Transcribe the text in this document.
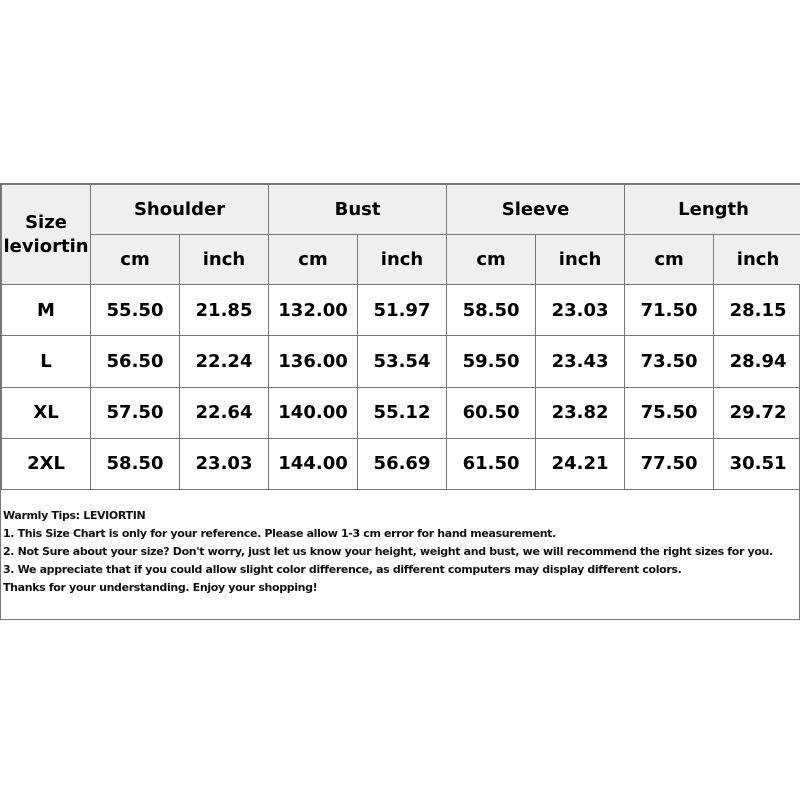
Size
leviortin	Shoulder		Bust		Sleeve		Length	
	cm	inch	cm	inch	cm	inch	cm	inch
M	55.50	21.85	132.00	51.97	58.50	23.03	71.50	28.15
L	56.50	22.24	136.00	53.54	59.50	23.43	73.50	28.94
XL	57.50	22.64	140.00	55.12	60.50	23.82	75.50	29.72
2XL	58.50	23.03	144.00	56.69	61.50	24.21	77.50	30.51
Warmly Tips: LEVIORTIN
1. This Size Chart is only for your reference. Please allow 1-3 cm error for hand measurement.
2. Not Sure about your size? Don't worry, just let us know your height, weight and bust, we will recommend the right sizes for you.
3. We appreciate that if you could allow slight color difference, as different computers may display different colors.
Thanks for your understanding. Enjoy your shopping!
